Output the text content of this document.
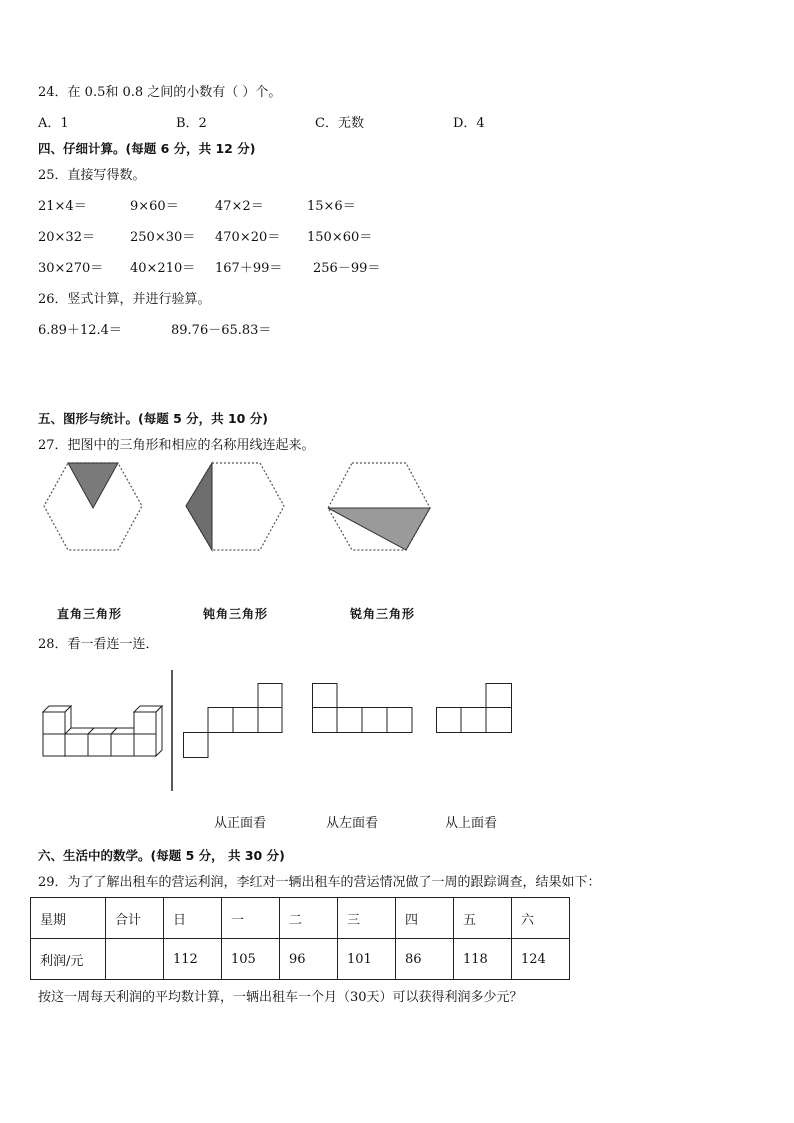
24．在 0.5和 0.8 之间的小数有（ ）个。
A．1	B．2	C．无数	D．4
四、仔细计算。(每题 6 分，共 12 分)
25．直接写得数。
21×4＝	9×60＝	47×2＝	15×6＝
20×32＝	250×30＝ 470×20＝ 150×60＝
30×270＝ 40×210＝ 167＋99＝ 256－99＝
26．竖式计算，并进行验算。
6.89＋12.4＝	89.76－65.83＝
五、图形与统计。(每题 5 分，共 10 分)
27．把图中的三角形和相应的名称用线连起来。
直角三角形	钝角三角形	锐角三角形
28．看一看连一连．
从正面看	从左面看	从上面看
六、生活中的数学。(每题 5 分， 共 30 分)
29．为了了解出租车的营运利润，李红对一辆出租车的营运情况做了一周的跟踪调查，结果如下：
星期	合计	日	一	二	三	四	五	六
利润/元		112	105	96	101	86	118	124
按这一周每天利润的平均数计算，一辆出租车一个月（30天）可以获得利润多少元？
